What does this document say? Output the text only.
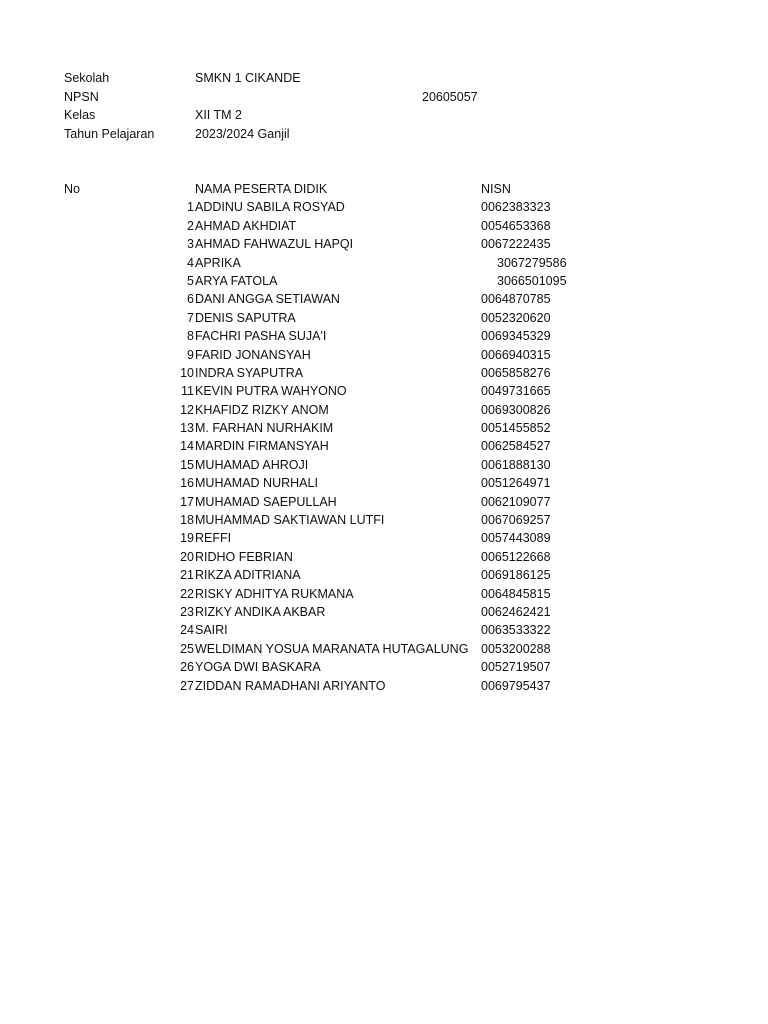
Sekolah	SMKN 1 CIKANDE
NPSN	20605057
Kelas	XII TM 2
Tahun Pelajaran	2023/2024 Ganjil
No	NAMA PESERTA DIDIK	NISN
1 ADDINU SABILA ROSYAD	0062383323
2 AHMAD AKHDIAT	0054653368
3 AHMAD FAHWAZUL HAPQI	0067222435
4 APRIKA	3067279586
5 ARYA FATOLA	3066501095
6 DANI ANGGA SETIAWAN	0064870785
7 DENIS SAPUTRA	0052320620
8 FACHRI PASHA SUJA'I	0069345329
9 FARID JONANSYAH	0066940315
10 INDRA SYAPUTRA	0065858276
11 KEVIN PUTRA WAHYONO	0049731665
12 KHAFIDZ RIZKY ANOM	0069300826
13 M. FARHAN NURHAKIM	0051455852
14 MARDIN FIRMANSYAH	0062584527
15 MUHAMAD AHROJI	0061888130
16 MUHAMAD NURHALI	0051264971
17 MUHAMAD SAEPULLAH	0062109077
18 MUHAMMAD SAKTIAWAN LUTFI	0067069257
19 REFFI	0057443089
20 RIDHO FEBRIAN	0065122668
21 RIKZA ADITRIANA	0069186125
22 RISKY ADHITYA RUKMANA	0064845815
23 RIZKY ANDIKA AKBAR	0062462421
24 SAIRI	0063533322
25 WELDIMAN YOSUA MARANATA HUTAGALUNG 0053200288
26 YOGA DWI BASKARA	0052719507
27 ZIDDAN RAMADHANI ARIYANTO	0069795437
